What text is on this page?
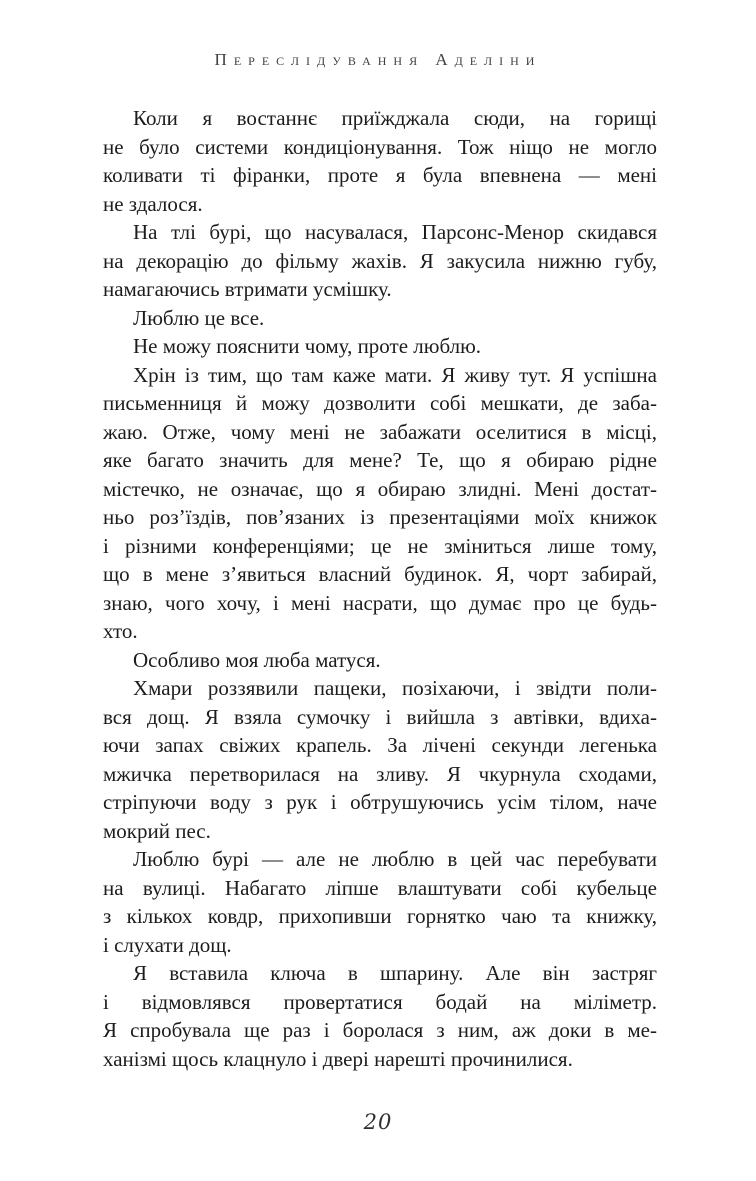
Переслідування Аделіни

Коли я востаннє приїжджала сюди, на горищі
не було системи кондиціонування. Тож ніщо не могло
коливати ті фіранки, проте я була впевнена — мені
не здалося.

На тлі бурі, що насувалася, Парсонс-Менор скидався
на декорацію до фільму жахів. Я закусила нижню губу,
намагаючись втримати усмішку.

Люблю це все.

Не можу пояснити чому, проте люблю.

Хрін із тим, що там каже мати. Я живу тут. Я успішна
письменниця й можу дозволити собі мешкати, де заба-
жаю. Отже, чому мені не забажати оселитися в місці,
яке багато значить для мене? Те, що я обираю рідне
містечко, не означає, що я обираю злидні. Мені достат-
ньо роз’їздів, пов’язаних із презентаціями моїх книжок
і різними конференціями; це не зміниться лише тому,
що в мене з’явиться власний будинок. Я, чорт забирай,
знаю, чого хочу, і мені насрати, що думає про це будь-
хто.

Особливо моя люба матуся.

Хмари роззявили пащеки, позіхаючи, і звідти поли-
вся дощ. Я взяла сумочку і вийшла з автівки, вдиха-
ючи запах свіжих крапель. За лічені секунди легенька
мжичка перетворилася на зливу. Я чкурнула сходами,
стріпуючи воду з рук і обтрушуючись усім тілом, наче
мокрий пес.

Люблю бурі — але не люблю в цей час перебувати
на вулиці. Набагато ліпше влаштувати собі кубельце
з кількох ковдр, прихопивши горнятко чаю та книжку,
і слухати дощ.

Я вставила ключа в шпарину. Але він застряг
і відмовлявся провертатися бодай на міліметр.
Я спробувала ще раз і боролася з ним, аж доки в ме-
ханізмі щось клацнуло і двері нарешті прочинилися.

20
